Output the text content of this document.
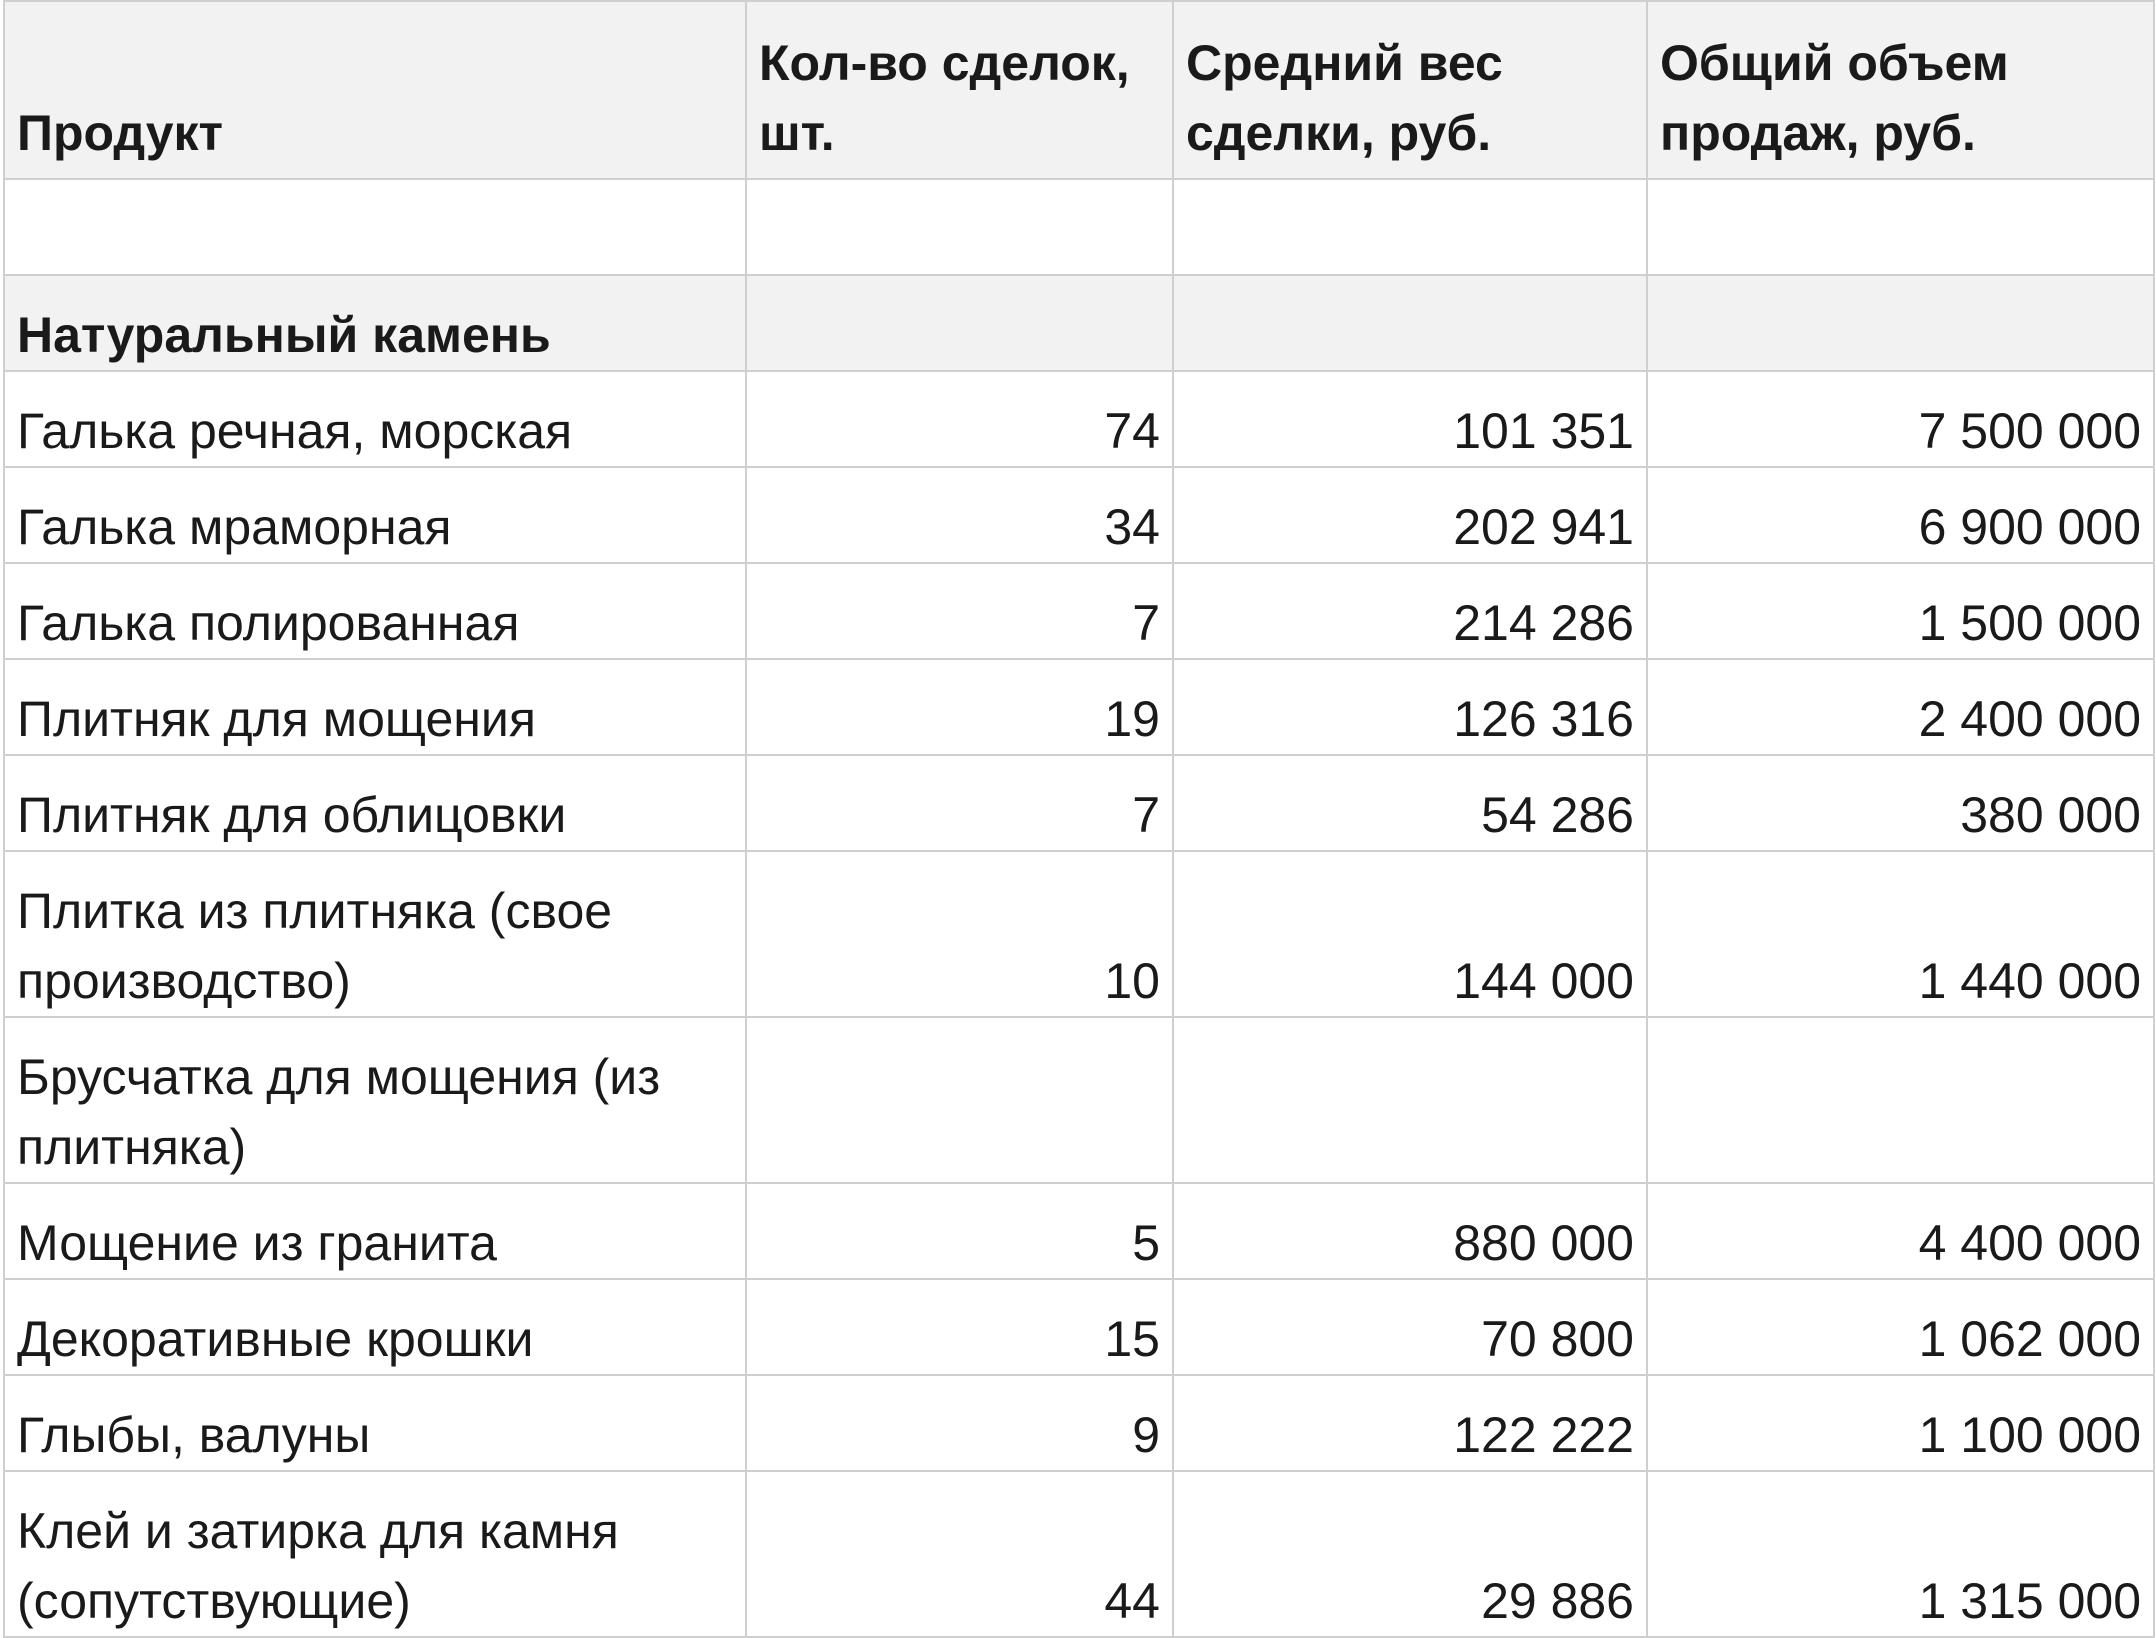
Продукт	Кол-во сделок, шт.	Средний вес сделки, руб.	Общий объем продаж, руб.

Натуральный камень			
Галька речная, морская	74	101 351	7 500 000
Галька мраморная	34	202 941	6 900 000
Галька полированная	7	214 286	1 500 000
Плитняк для мощения	19	126 316	2 400 000
Плитняк для облицовки	7	54 286	380 000
Плитка из плитняка (свое производство)	10	144 000	1 440 000
Брусчатка для мощения (из плитняка)			
Мощение из гранита	5	880 000	4 400 000
Декоративные крошки	15	70 800	1 062 000
Глыбы, валуны	9	122 222	1 100 000
Клей и затирка для камня (сопутствующие)	44	29 886	1 315 000
